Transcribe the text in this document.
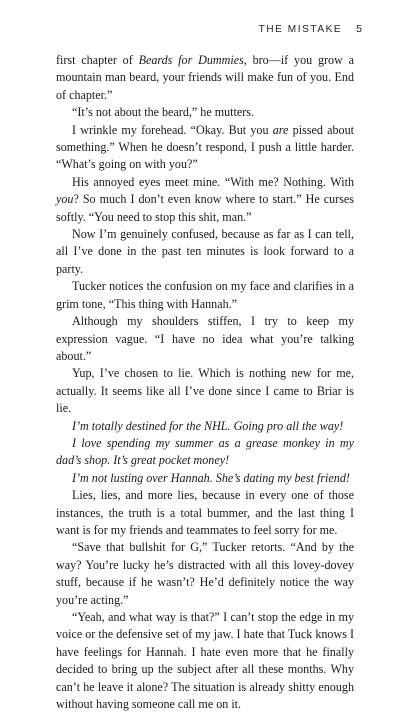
THE MISTAKE 5

first chapter of Beards for Dummies, bro—if you grow a mountain man beard, your friends will make fun of you. End of chapter.”

“It’s not about the beard,” he mutters.

I wrinkle my forehead. “Okay. But you are pissed about something.” When he doesn’t respond, I push a little harder. “What’s going on with you?”

His annoyed eyes meet mine. “With me? Nothing. With you? So much I don’t even know where to start.” He curses softly. “You need to stop this shit, man.”

Now I’m genuinely confused, because as far as I can tell, all I’ve done in the past ten minutes is look forward to a party.

Tucker notices the confusion on my face and clarifies in a grim tone, “This thing with Hannah.”

Although my shoulders stiffen, I try to keep my expression vague. “I have no idea what you’re talking about.”

Yup, I’ve chosen to lie. Which is nothing new for me, actually. It seems like all I’ve done since I came to Briar is lie.

I’m totally destined for the NHL. Going pro all the way!

I love spending my summer as a grease monkey in my dad’s shop. It’s great pocket money!

I’m not lusting over Hannah. She’s dating my best friend!

Lies, lies, and more lies, because in every one of those instances, the truth is a total bummer, and the last thing I want is for my friends and teammates to feel sorry for me.

“Save that bullshit for G,” Tucker retorts. “And by the way? You’re lucky he’s distracted with all this lovey-dovey stuff, because if he wasn’t? He’d definitely notice the way you’re acting.”

“Yeah, and what way is that?” I can’t stop the edge in my voice or the defensive set of my jaw. I hate that Tuck knows I have feelings for Hannah. I hate even more that he finally decided to bring up the subject after all these months. Why can’t he leave it alone? The situation is already shitty enough without having someone call me on it.
